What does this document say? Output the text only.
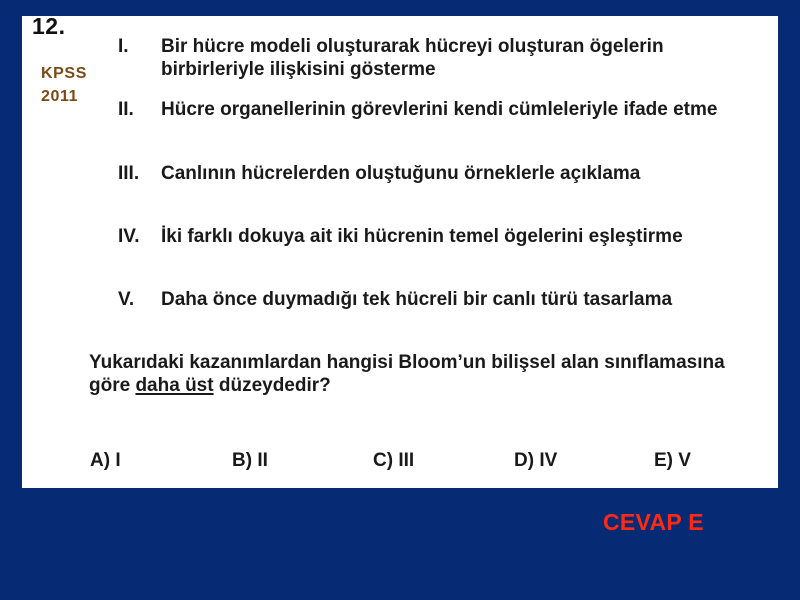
12.
KPSS
2011
I.	Bir hücre modeli oluşturarak hücreyi oluşturan ögelerin birbirleriyle ilişkisini gösterme
II.	Hücre organellerinin görevlerini kendi cümleleriyle ifade etme
III.	Canlının hücrelerden oluştuğunu örneklerle açıklama
IV.	İki farklı dokuya ait iki hücrenin temel ögelerini eşleştirme
V.	Daha önce duymadığı tek hücreli bir canlı türü tasarlama
Yukarıdaki kazanımlardan hangisi Bloom’un bilişsel alan sınıflamasına göre daha üst düzeydedir?
A) I	B) II	C) III	D) IV	E) V
CEVAP E
